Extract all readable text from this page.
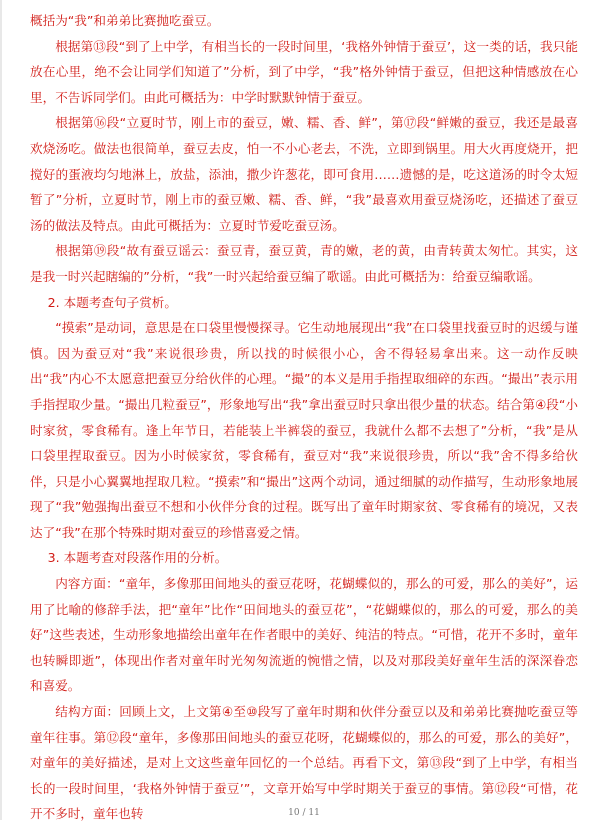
概括为“我”和弟弟比赛抛吃蚕豆。

根据第⑬段“到了上中学，有相当长的一段时间里，‘我格外钟情于蚕豆’，这一类的话，我只能放在心里，绝不会让同学们知道了”分析，到了中学，“我”格外钟情于蚕豆，但把这种情感放在心里，不告诉同学们。由此可概括为：中学时默默钟情于蚕豆。

根据第⑯段“立夏时节，刚上市的蚕豆，嫩、糯、香、鲜”，第⑰段“鲜嫩的蚕豆，我还是最喜欢烧汤吃。做法也很简单，蚕豆去皮，怕一不小心老去，不洗，立即到锅里。用大火再度烧开，把搅好的蛋液均匀地淋上，放盐，添油，撒少许葱花，即可食用……遗憾的是，吃这道汤的时令太短暂了”分析，立夏时节，刚上市的蚕豆嫩、糯、香、鲜，“我”最喜欢用蚕豆烧汤吃，还描述了蚕豆汤的做法及特点。由此可概括为：立夏时节爱吃蚕豆汤。

根据第⑲段“故有蚕豆谣云：蚕豆青，蚕豆黄，青的嫩，老的黄，由青转黄太匆忙。其实，这是我一时兴起瞎编的”分析，“我”一时兴起给蚕豆编了歌谣。由此可概括为：给蚕豆编歌谣。

2. 本题考查句子赏析。

“摸索”是动词，意思是在口袋里慢慢探寻。它生动地展现出“我”在口袋里找蚕豆时的迟缓与谨慎。因为蚕豆对“我”来说很珍贵，所以找的时候很小心，舍不得轻易拿出来。这一动作反映出“我”内心不太愿意把蚕豆分给伙伴的心理。“撮”的本义是用手指捏取细碎的东西。“撮出”表示用手指捏取少量。“撮出几粒蚕豆”，形象地写出“我”拿出蚕豆时只拿出很少量的状态。结合第④段“小时家贫，零食稀有。逢上年节日，若能装上半裤袋的蚕豆，我就什么都不去想了”分析，“我”是从口袋里捏取蚕豆。因为小时候家贫，零食稀有，蚕豆对“我”来说很珍贵，所以“我”舍不得多给伙伴，只是小心翼翼地捏取几粒。“摸索”和“撮出”这两个动词，通过细腻的动作描写，生动形象地展现了“我”勉强掏出蚕豆不想和小伙伴分食的过程。既写出了童年时期家贫、零食稀有的境况，又表达了“我”在那个特殊时期对蚕豆的珍惜喜爱之情。

3. 本题考查对段落作用的分析。

内容方面：“童年，多像那田间地头的蚕豆花呀，花蝴蝶似的，那么的可爱，那么的美好”，运用了比喻的修辞手法，把“童年”比作“田间地头的蚕豆花”，“花蝴蝶似的，那么的可爱，那么的美好”这些表述，生动形象地描绘出童年在作者眼中的美好、纯洁的特点。“可惜，花开不多时，童年也转瞬即逝”，体现出作者对童年时光匆匆流逝的惋惜之情，以及对那段美好童年生活的深深眷恋和喜爱。

结构方面：回顾上文，上文第④至⑩段写了童年时期和伙伴分蚕豆以及和弟弟比赛抛吃蚕豆等童年往事。第⑫段“童年，多像那田间地头的蚕豆花呀，花蝴蝶似的，那么的可爱，那么的美好”，对童年的美好描述，是对上文这些童年回忆的一个总结。再看下文，第⑬段“到了上中学，有相当长的一段时间里，‘我格外钟情于蚕豆’”，文章开始写中学时期关于蚕豆的事情。第⑫段“可惜，花开不多时，童年也转	10 / 11
